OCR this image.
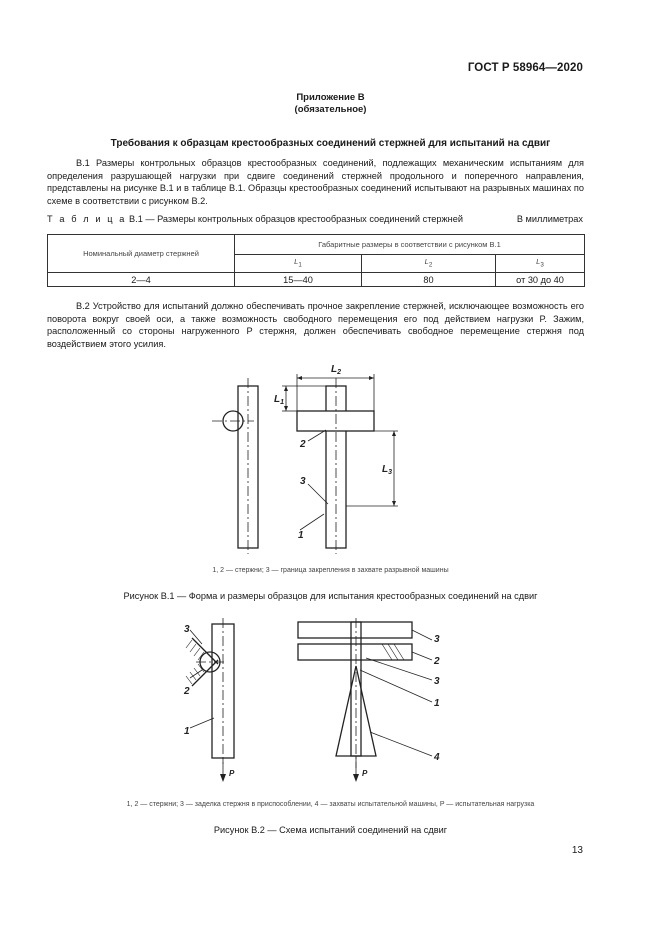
ГОСТ Р 58964—2020
Приложение В
(обязательное)
Требования к образцам крестообразных соединений стержней для испытаний на сдвиг

В.1 Размеры контрольных образцов крестообразных соединений, подлежащих механическим испытаниям для определения разрушающей нагрузки при сдвиге соединений стержней продольного и поперечного направления, представлены на рисунке В.1 и в таблице В.1. Образцы крестообразных соединений испытывают на разрывных машинах по схеме в соответствии с рисунком В.2.

Т а б л и ц а В.1 — Размеры контрольных образцов крестообразных соединений стержней	В миллиметрах
Номинальный диаметр стержней	Габаритные размеры в соответствии с рисунком В.1		
	$L_1$	$L_2$	$L_3$
2—4	15—40	80	от 30 до 40

В.2 Устройство для испытаний должно обеспечивать прочное закрепление стержней, исключающее возможность его поворота вокруг своей оси, а также возможность свободного перемещения его под действием нагрузки P. Зажим, расположенный со стороны нагруженного P стержня, должен обеспечивать свободное перемещение стержня под воздействием этого усилия.

$L_2$
$L_1$
$L_3$
2
3
1
1, 2 — стержни; 3 — граница закрепления в захвате разрывной машины
Рисунок В.1 — Форма и размеры образцов для испытания крестообразных соединений на сдвиг
3
2
1
P
3
2
3
1
4
P
1, 2 — стержни; 3 — заделка стержня в приспособлении, 4 — захваты испытательной машины, P — испытательная нагрузка
Рисунок В.2 — Схема испытаний соединений на сдвиг
13
